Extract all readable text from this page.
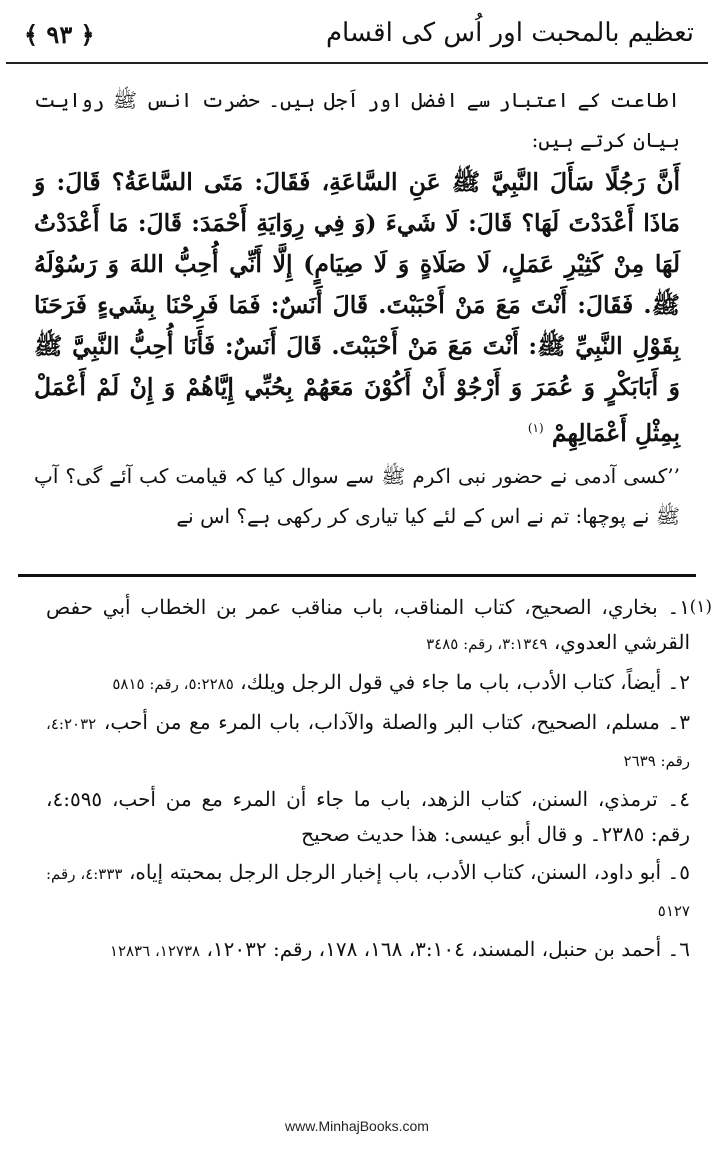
﴾ ٩٣ ﴿	تعظیم بالمحبت اور اُس کی اقسام

اطاعت کے اعتبار سے افضل اور اَجل ہیں۔ حضرت انس ﷺ روایت بیان کرتے ہیں:

أَنَّ رَجُلًا سَأَلَ النَّبِيَّ ﷺ عَنِ السَّاعَةِ، فَقَالَ: مَتَى السَّاعَةُ؟ قَالَ: وَ مَاذَا أَعْدَدْتَ لَهَا؟ قَالَ: لَا شَيءَ (وَ فِي رِوَايَةِ أَحْمَدَ: قَالَ: مَا أَعْدَدْتُ لَهَا مِنْ كَثِيْرِ عَمَلٍ، لَا صَلَاةٍ وَ لَا صِيَامٍ) إِلَّا أَنِّي أُحِبُّ اللهَ وَ رَسُوْلَهُ ﷺ. فَقَالَ: أَنْتَ مَعَ مَنْ أَحْبَبْتَ. قَالَ أَنَسٌ: فَمَا فَرِحْنَا بِشَيءٍ فَرَحَنَا بِقَوْلِ النَّبِيِّ ﷺ: أَنْتَ مَعَ مَنْ أَحْبَبْتَ. قَالَ أَنَسٌ: فَأَنَا أُحِبُّ النَّبِيَّ ﷺ وَ أَبَابَكْرٍ وَ عُمَرَ وَ أَرْجُوْ أَنْ أَكُوْنَ مَعَهُمْ بِحُبِّي إِيَّاهُمْ وَ إِنْ لَمْ أَعْمَلْ بِمِثْلِ أَعْمَالِهِمْ $^{(١)}$

’’کسی آدمی نے حضور نبی اکرم ﷺ سے سوال کیا کہ قیامت کب آئے گی؟ آپ ﷺ نے پوچھا: تم نے اس کے لئے کیا تیاری کر رکھی ہے؟ اس نے

(١)

١۔ بخاري، الصحيح، كتاب المناقب، باب مناقب عمر بن الخطاب أبي حفص القرشي العدوي، ٣:١٣٤٩، رقم: ٣٤٨٥

٢۔ أيضاً، كتاب الأدب، باب ما جاء في قول الرجل ويلك، ٥:٢٢٨٥، رقم: ٥٨١٥

٣۔ مسلم، الصحيح، كتاب البر والصلة والآداب، باب المرء مع من أحب، ٤:٢٠٣٢، رقم: ٢٦٣٩

٤۔ ترمذي، السنن، كتاب الزهد، باب ما جاء أن المرء مع من أحب، ٤:٥٩٥، رقم: ٢٣٨٥۔ و قال أبو عيسى: هذا حديث صحيح

٥۔ أبو داود، السنن، كتاب الأدب، باب إخبار الرجل الرجل بمحبته إياه، ٤:٣٣٣، رقم: ٥١٢٧

٦۔ أحمد بن حنبل، المسند، ٣:١٠٤، ١٦٨، ١٧٨، رقم: ١٢٠٣٢، ١٢٧٣٨، ١٢٨٣٦

www.MinhajBooks.com
